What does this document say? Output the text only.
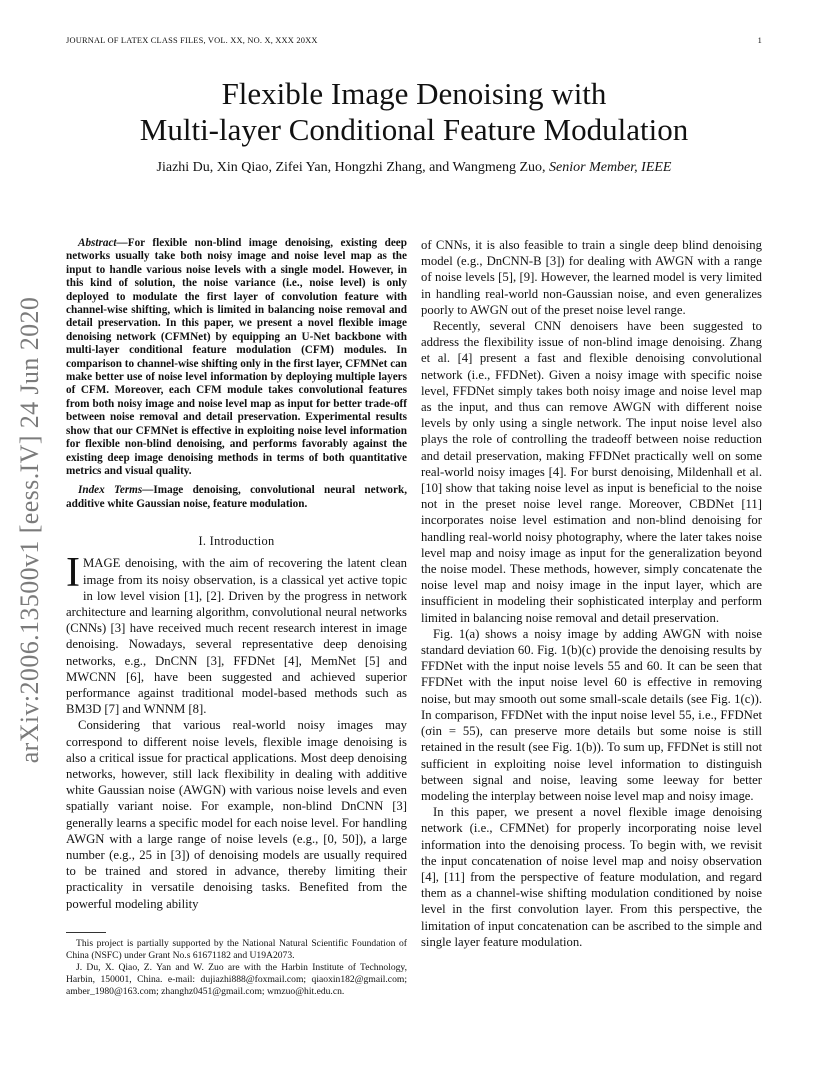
JOURNAL OF LATEX CLASS FILES, VOL. XX, NO. X, XXX 20XX	1
arXiv:2006.13500v1 [eess.IV] 24 Jun 2020
Flexible Image Denoising with
Multi-layer Conditional Feature Modulation
Jiazhi Du, Xin Qiao, Zifei Yan, Hongzhi Zhang, and Wangmeng Zuo, Senior Member, IEEE
Abstract—For flexible non-blind image denoising, existing deep networks usually take both noisy image and noise level map as the input to handle various noise levels with a single model. However, in this kind of solution, the noise variance (i.e., noise level) is only deployed to modulate the first layer of convolution feature with channel-wise shifting, which is limited in balancing noise removal and detail preservation. In this paper, we present a novel flexible image denoising network (CFMNet) by equipping an U-Net backbone with multi-layer conditional feature modulation (CFM) modules. In comparison to channel-wise shifting only in the first layer, CFMNet can make better use of noise level information by deploying multiple layers of CFM. Moreover, each CFM module takes convolutional features from both noisy image and noise level map as input for better trade-off between noise removal and detail preservation. Experimental results show that our CFMNet is effective in exploiting noise level information for flexible non-blind denoising, and performs favorably against the existing deep image denoising methods in terms of both quantitative metrics and visual quality.
Index Terms—Image denoising, convolutional neural network, additive white Gaussian noise, feature modulation.
I. Introduction

IMAGE denoising, with the aim of recovering the latent clean image from its noisy observation, is a classical yet active topic in low level vision [1], [2]. Driven by the progress in network architecture and learning algorithm, convolutional neural networks (CNNs) [3] have received much recent research interest in image denoising. Nowadays, several representative deep denoising networks, e.g., DnCNN [3], FFDNet [4], MemNet [5] and MWCNN [6], have been suggested and achieved superior performance against traditional model-based methods such as BM3D [7] and WNNM [8].

Considering that various real-world noisy images may correspond to different noise levels, flexible image denoising is also a critical issue for practical applications. Most deep denoising networks, however, still lack flexibility in dealing with additive white Gaussian noise (AWGN) with various noise levels and even spatially variant noise. For example, non-blind DnCNN [3] generally learns a specific model for each noise level. For handling AWGN with a large range of noise levels (e.g., [0, 50]), a large number (e.g., 25 in [3]) of denoising models are usually required to be trained and stored in advance, thereby limiting their practicality in versatile denoising tasks. Benefited from the powerful modeling ability

This project is partially supported by the National Natural Scientific Foundation of China (NSFC) under Grant No.s 61671182 and U19A2073.

J. Du, X. Qiao, Z. Yan and W. Zuo are with the Harbin Institute of Technology, Harbin, 150001, China. e-mail: dujiazhi888@foxmail.com; qiaoxin182@gmail.com; amber_1980@163.com; zhanghz0451@gmail.com; wmzuo@hit.edu.cn.

of CNNs, it is also feasible to train a single deep blind denoising model (e.g., DnCNN-B [3]) for dealing with AWGN with a range of noise levels [5], [9]. However, the learned model is very limited in handling real-world non-Gaussian noise, and even generalizes poorly to AWGN out of the preset noise level range.

Recently, several CNN denoisers have been suggested to address the flexibility issue of non-blind image denoising. Zhang et al. [4] present a fast and flexible denoising convolutional network (i.e., FFDNet). Given a noisy image with specific noise level, FFDNet simply takes both noisy image and noise level map as the input, and thus can remove AWGN with different noise levels by only using a single network. The input noise level also plays the role of controlling the tradeoff between noise reduction and detail preservation, making FFDNet practically well on some real-world noisy images [4]. For burst denoising, Mildenhall et al. [10] show that taking noise level as input is beneficial to the noise not in the preset noise level range. Moreover, CBDNet [11] incorporates noise level estimation and non-blind denoising for handling real-world noisy photography, where the later takes noise level map and noisy image as input for the generalization beyond the noise model. These methods, however, simply concatenate the noise level map and noisy image in the input layer, which are insufficient in modeling their sophisticated interplay and perform limited in balancing noise removal and detail preservation.

Fig. 1(a) shows a noisy image by adding AWGN with noise standard deviation 60. Fig. 1(b)(c) provide the denoising results by FFDNet with the input noise levels 55 and 60. It can be seen that FFDNet with the input noise level 60 is effective in removing noise, but may smooth out some small-scale details (see Fig. 1(c)). In comparison, FFDNet with the input noise level 55, i.e., FFDNet (σin = 55), can preserve more details but some noise is still retained in the result (see Fig. 1(b)). To sum up, FFDNet is still not sufficient in exploiting noise level information to distinguish between signal and noise, leaving some leeway for better modeling the interplay between noise level map and noisy image.

In this paper, we present a novel flexible image denoising network (i.e., CFMNet) for properly incorporating noise level information into the denoising process. To begin with, we revisit the input concatenation of noise level map and noisy observation [4], [11] from the perspective of feature modulation, and regard them as a channel-wise shifting modulation conditioned by noise level in the first convolution layer. From this perspective, the limitation of input concatenation can be ascribed to the simple and single layer feature modulation.
